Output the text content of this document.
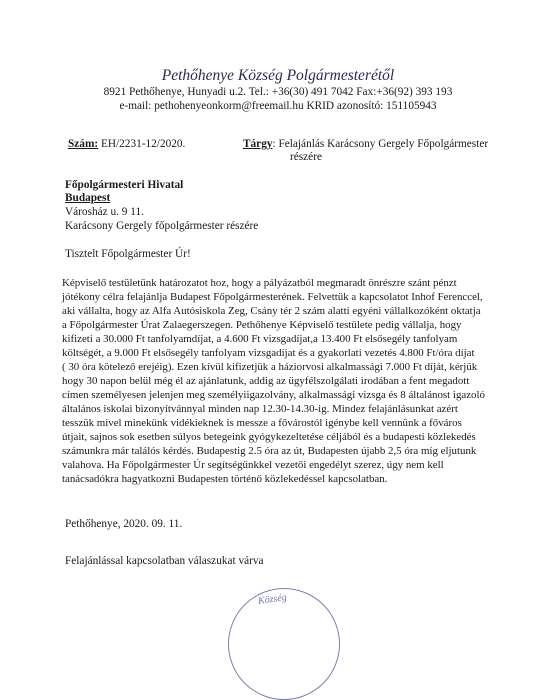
Pethőhenye Község Polgármesterétől
8921 Pethőhenye, Hunyadi u.2. Tel.: +36(30) 491 7042 Fax:+36(92) 393 193
e-mail: pethohenyeonkorm@freemail.hu KRID azonosító: 151105943
Szám: EH/2231-12/2020.	Tárgy: Felajánlás Karácsony Gergely Főpolgármester
részére
Főpolgármesteri Hivatal
Budapest
Városház u. 9 11.
Karácsony Gergely főpolgármester részére
Tisztelt Főpolgármester Úr!
Képviselő testületünk határozatot hoz, hogy a pályázatból megmaradt önrészre szánt pénzt
jótékony célra felajánlja Budapest Főpolgármesterének. Felvettük a kapcsolatot Inhof Ferenccel,
aki vállalta, hogy az Alfa Autósiskola Zeg, Csány tér 2 szám alatti egyéni vállalkozóként oktatja
a Főpolgármester Úrat Zalaegerszegen. Pethőhenye Képviselő testülete pedig vállalja, hogy
kifizeti a 30.000 Ft tanfolyamdíjat, a 4.600 Ft vizsgadíjat,a 13.400 Ft elsősegély tanfolyam
költségét, a 9.000 Ft elsősegély tanfolyam vizsgadíjat és a gyakorlati vezetés 4.800 Ft/óra díjat
( 30 óra kötelező erejéig). Ezen kívül kifizetjük a háziorvosi alkalmassági 7.000 Ft díját, kérjük
hogy 30 napon belül még él az ajánlatunk, addig az ügyfélszolgálati irodában a fent megadott
címen személyesen jelenjen meg személyiigazolvány, alkalmassági vizsga és 8 általánost igazoló
általános iskolai bizonyítvánnyal minden nap 12.30-14.30-ig. Mindez felajánlásunkat azért
tesszük mivel minekünk vidékieknek is messze a fővárostól igénybe kell vennünk a főváros
útjait, sajnos sok esetben súlyos betegeink gyógykezeltetése céljából és a budapesti közlekedés
számunkra már találós kérdés. Budapestig 2.5 óra az út, Budapesten újabb 2,5 óra míg eljutunk
valahova. Ha Főpolgármester Úr segítségünkkel vezetői engedélyt szerez, úgy nem kell
tanácsadókra hagyatkozni Budapesten történő közlekedéssel kapcsolatban.
Pethőhenye, 2020. 09. 11.
Felajánlással kapcsolatban válaszukat várva
Község
